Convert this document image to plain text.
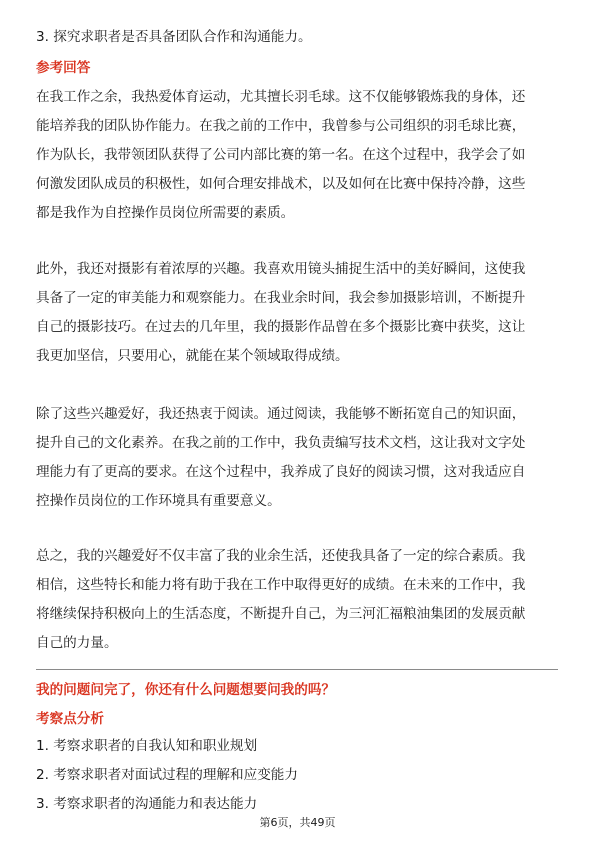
3. 探究求职者是否具备团队合作和沟通能力。

参考回答

在我工作之余，我热爱体育运动，尤其擅长羽毛球。这不仅能够锻炼我的身体，还

能培养我的团队协作能力。在我之前的工作中，我曾参与公司组织的羽毛球比赛，

作为队长，我带领团队获得了公司内部比赛的第一名。在这个过程中，我学会了如

何激发团队成员的积极性，如何合理安排战术，以及如何在比赛中保持冷静，这些

都是我作为自控操作员岗位所需要的素质。

此外，我还对摄影有着浓厚的兴趣。我喜欢用镜头捕捉生活中的美好瞬间，这使我

具备了一定的审美能力和观察能力。在我业余时间，我会参加摄影培训，不断提升

自己的摄影技巧。在过去的几年里，我的摄影作品曾在多个摄影比赛中获奖，这让

我更加坚信，只要用心，就能在某个领域取得成绩。

除了这些兴趣爱好，我还热衷于阅读。通过阅读，我能够不断拓宽自己的知识面，

提升自己的文化素养。在我之前的工作中，我负责编写技术文档，这让我对文字处

理能力有了更高的要求。在这个过程中，我养成了良好的阅读习惯，这对我适应自

控操作员岗位的工作环境具有重要意义。

总之，我的兴趣爱好不仅丰富了我的业余生活，还使我具备了一定的综合素质。我

相信，这些特长和能力将有助于我在工作中取得更好的成绩。在未来的工作中，我

将继续保持积极向上的生活态度，不断提升自己，为三河汇福粮油集团的发展贡献

自己的力量。

我的问题问完了，你还有什么问题想要问我的吗？

考察点分析

1. 考察求职者的自我认知和职业规划

2. 考察求职者对面试过程的理解和应变能力

3. 考察求职者的沟通能力和表达能力

第6页，共49页
